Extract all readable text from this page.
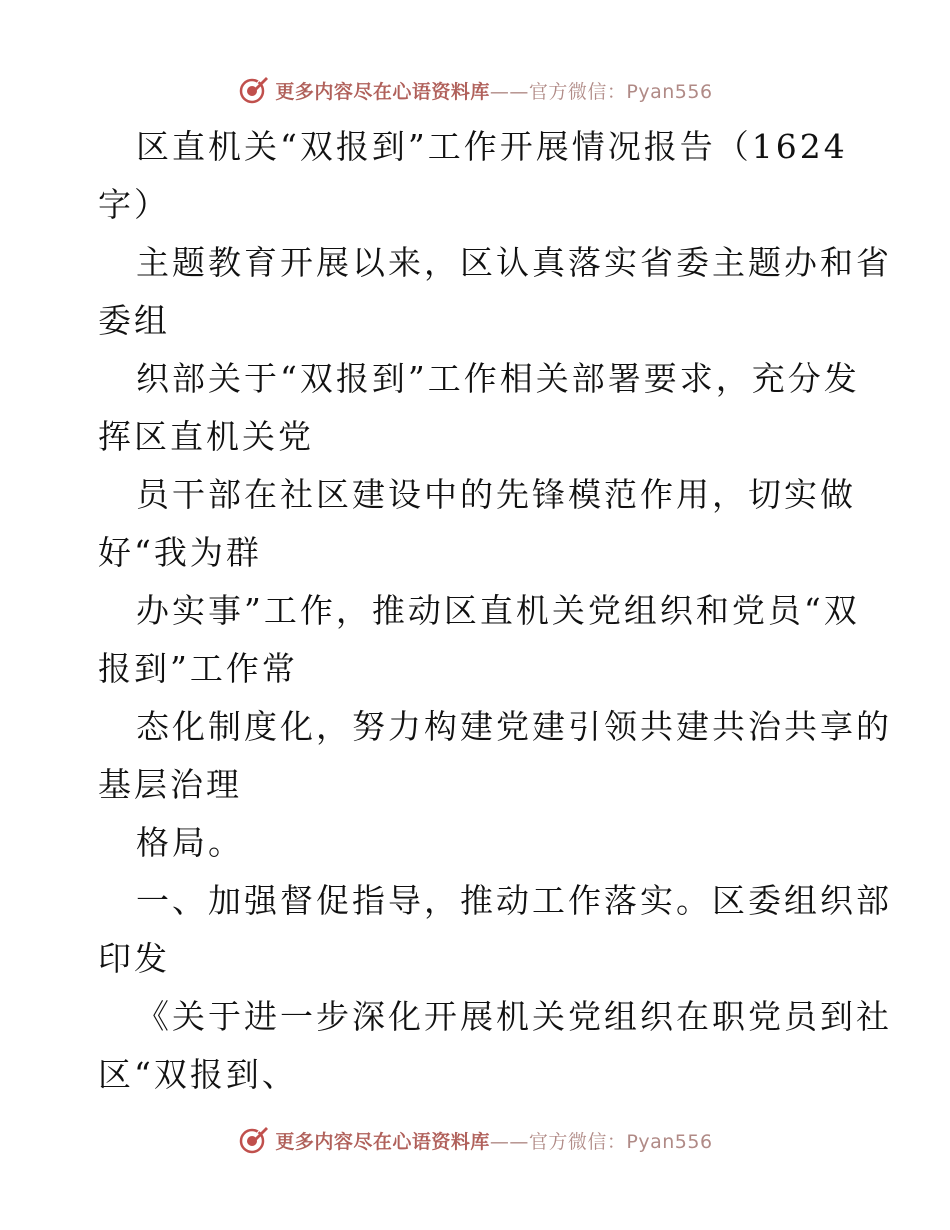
更多内容尽在心语资料库——官方微信：Pyan556
区直机关“双报到”工作开展情况报告（1624
字）
主题教育开展以来，区认真落实省委主题办和省
委组
织部关于“双报到”工作相关部署要求，充分发
挥区直机关党
员干部在社区建设中的先锋模范作用，切实做
好“我为群
办实事”工作，推动区直机关党组织和党员“双
报到”工作常
态化制度化，努力构建党建引领共建共治共享的
基层治理
格局。
一、加强督促指导，推动工作落实。区委组织部
印发
《关于进一步深化开展机关党组织在职党员到社
区“双报到、
更多内容尽在心语资料库——官方微信：Pyan556
